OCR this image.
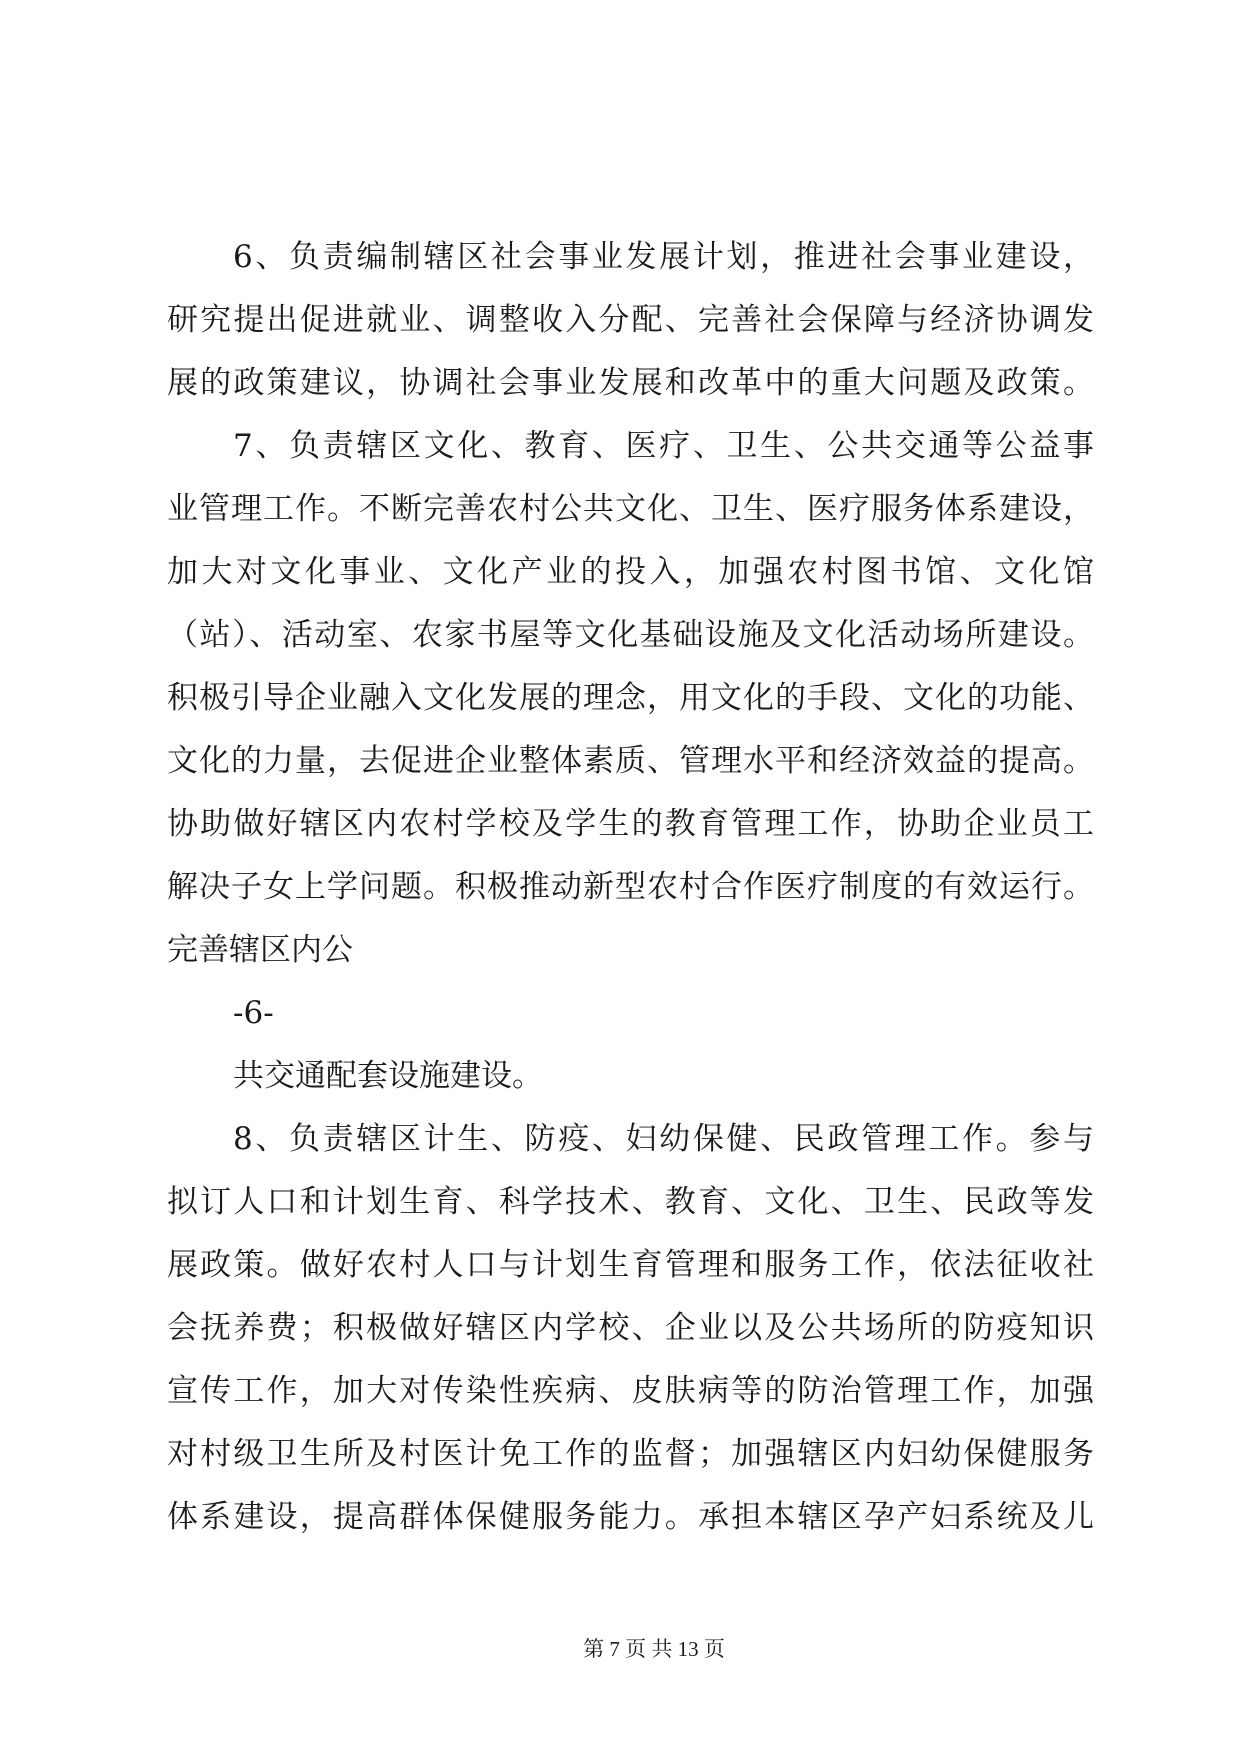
6、负责编制辖区社会事业发展计划，推进社会事业建设，
研究提出促进就业、调整收入分配、完善社会保障与经济协调发
展的政策建议，协调社会事业发展和改革中的重大问题及政策。
7、负责辖区文化、教育、医疗、卫生、公共交通等公益事
业管理工作。不断完善农村公共文化、卫生、医疗服务体系建设，
加大对文化事业、文化产业的投入，加强农村图书馆、文化馆
（站）、活动室、农家书屋等文化基础设施及文化活动场所建设。
积极引导企业融入文化发展的理念，用文化的手段、文化的功能、
文化的力量，去促进企业整体素质、管理水平和经济效益的提高。
协助做好辖区内农村学校及学生的教育管理工作，协助企业员工
解决子女上学问题。积极推动新型农村合作医疗制度的有效运行。
完善辖区内公
-6-
共交通配套设施建设。
8、负责辖区计生、防疫、妇幼保健、民政管理工作。参与
拟订人口和计划生育、科学技术、教育、文化、卫生、民政等发
展政策。做好农村人口与计划生育管理和服务工作，依法征收社
会抚养费；积极做好辖区内学校、企业以及公共场所的防疫知识
宣传工作，加大对传染性疾病、皮肤病等的防治管理工作，加强
对村级卫生所及村医计免工作的监督；加强辖区内妇幼保健服务
体系建设，提高群体保健服务能力。承担本辖区孕产妇系统及儿
第 7 页 共 13 页
